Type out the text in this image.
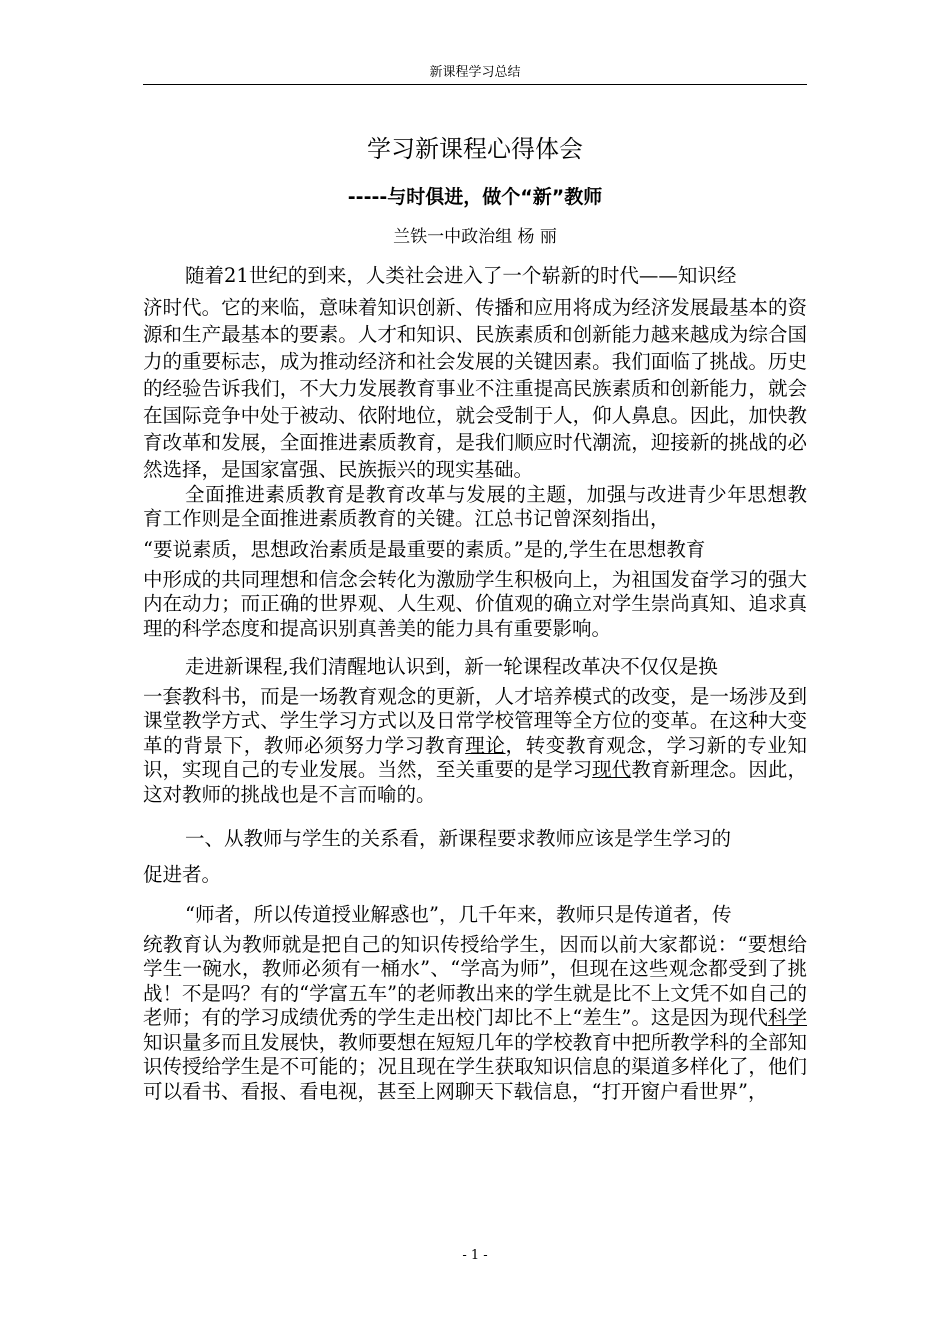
新课程学习总结
学习新课程心得体会
-----与时俱进，做个“新”教师
兰铁一中政治组 杨 丽

随着21世纪的到来，人类社会进入了一个崭新的时代——知识经
济时代。它的来临，意味着知识创新、传播和应用将成为经济发展最基本的资源和生产最基本的要素。人才和知识、民族素质和创新能力越来越成为综合国力的重要标志，成为推动经济和社会发展的关键因素。我们面临了挑战。历史的经验告诉我们，不大力发展教育事业不注重提高民族素质和创新能力，就会在国际竞争中处于被动、依附地位，就会受制于人，仰人鼻息。因此，加快教育改革和发展，全面推进素质教育，是我们顺应时代潮流，迎接新的挑战的必然选择，是国家富强、民族振兴的现实基础。

全面推进素质教育是教育改革与发展的主题，加强与改进青少年思想教育工作则是全面推进素质教育的关键。江总书记曾深刻指出，
“要说素质，思想政治素质是最重要的素质。”是的,学生在思想教育
中形成的共同理想和信念会转化为激励学生积极向上，为祖国发奋学习的强大内在动力；而正确的世界观、人生观、价值观的确立对学生崇尚真知、追求真理的科学态度和提高识别真善美的能力具有重要影响。

走进新课程,我们清醒地认识到，新一轮课程改革决不仅仅是换
一套教科书，而是一场教育观念的更新，人才培养模式的改变，是一场涉及到课堂教学方式、学生学习方式以及日常学校管理等全方位的变革。在这种大变革的背景下，教师必须努力学习教育理论，转变教育观念，学习新的专业知识，实现自己的专业发展。当然，至关重要的是学习现代教育新理念。因此，这对教师的挑战也是不言而喻的。

一、从教师与学生的关系看，新课程要求教师应该是学生学习的
促进者。

“师者，所以传道授业解惑也”，几千年来，教师只是传道者，传
统教育认为教师就是把自己的知识传授给学生，因而以前大家都说：“要想给学生一碗水，教师必须有一桶水”、“学高为师”，但现在这些观念都受到了挑战！不是吗？有的“学富五车”的老师教出来的学生就是比不上文凭不如自己的老师；有的学习成绩优秀的学生走出校门却比不上“差生”。这是因为现代科学知识量多而且发展快，教师要想在短短几年的学校教育中把所教学科的全部知识传授给学生是不可能的；况且现在学生获取知识信息的渠道多样化了，他们可以看书、看报、看电视，甚至上网聊天下载信息，“打开窗户看世界”，

- 1 -
